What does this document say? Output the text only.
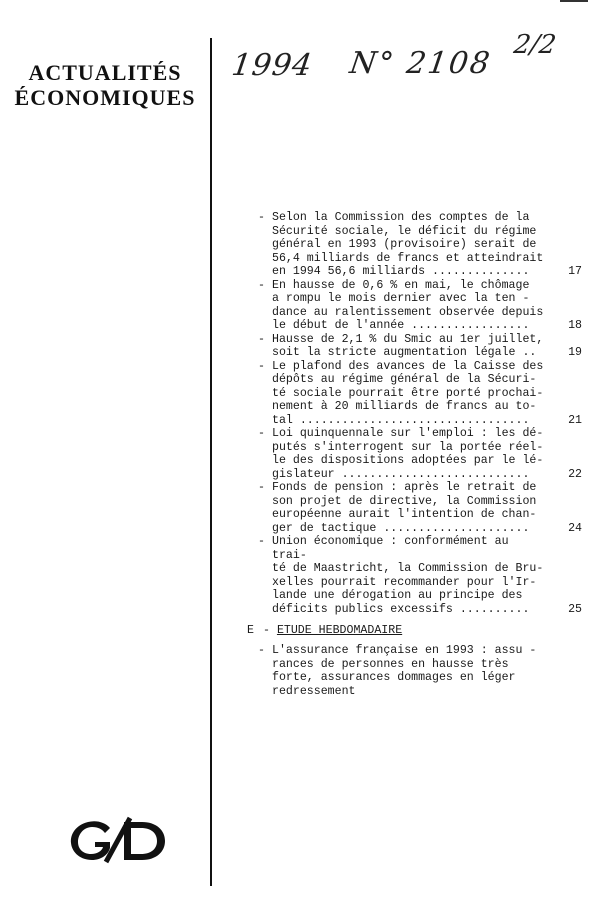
ACTUALITÉS
ÉCONOMIQUES
1994 N° 2108
2/2
- Selon la Commission des comptes de la
Sécurité sociale, le déficit du régime
général en 1993 (provisoire) serait de
56,4 milliards de francs et atteindrait
en 1994 56,6 milliards ..............	17
- En hausse de 0,6 % en mai, le chômage
a rompu le mois dernier avec la ten -
dance au ralentissement observée depuis
le début de l'année .................	18
- Hausse de 2,1 % du Smic au 1er juillet,
soit la stricte augmentation légale ..	19
- Le plafond des avances de la Caisse des
dépôts au régime général de la Sécuri-
té sociale pourrait être porté prochai-
nement à 20 milliards de francs au to-
tal .................................	21
- Loi quinquennale sur l'emploi : les dé-
putés s'interrogent sur la portée réel-
le des dispositions adoptées par le lé-
gislateur ...........................	22
- Fonds de pension : après le retrait de
son projet de directive, la Commission
européenne aurait l'intention de chan-
ger de tactique .....................	24
- Union économique : conformément au trai-
té de Maastricht, la Commission de Bru-
xelles pourrait recommander pour l'Ir-
lande une dérogation au principe des
déficits publics excessifs ..........	25
E - ETUDE HEBDOMADAIRE
- L'assurance française en 1993 : assu -
rances de personnes en hausse très
forte, assurances dommages en léger
redressement
